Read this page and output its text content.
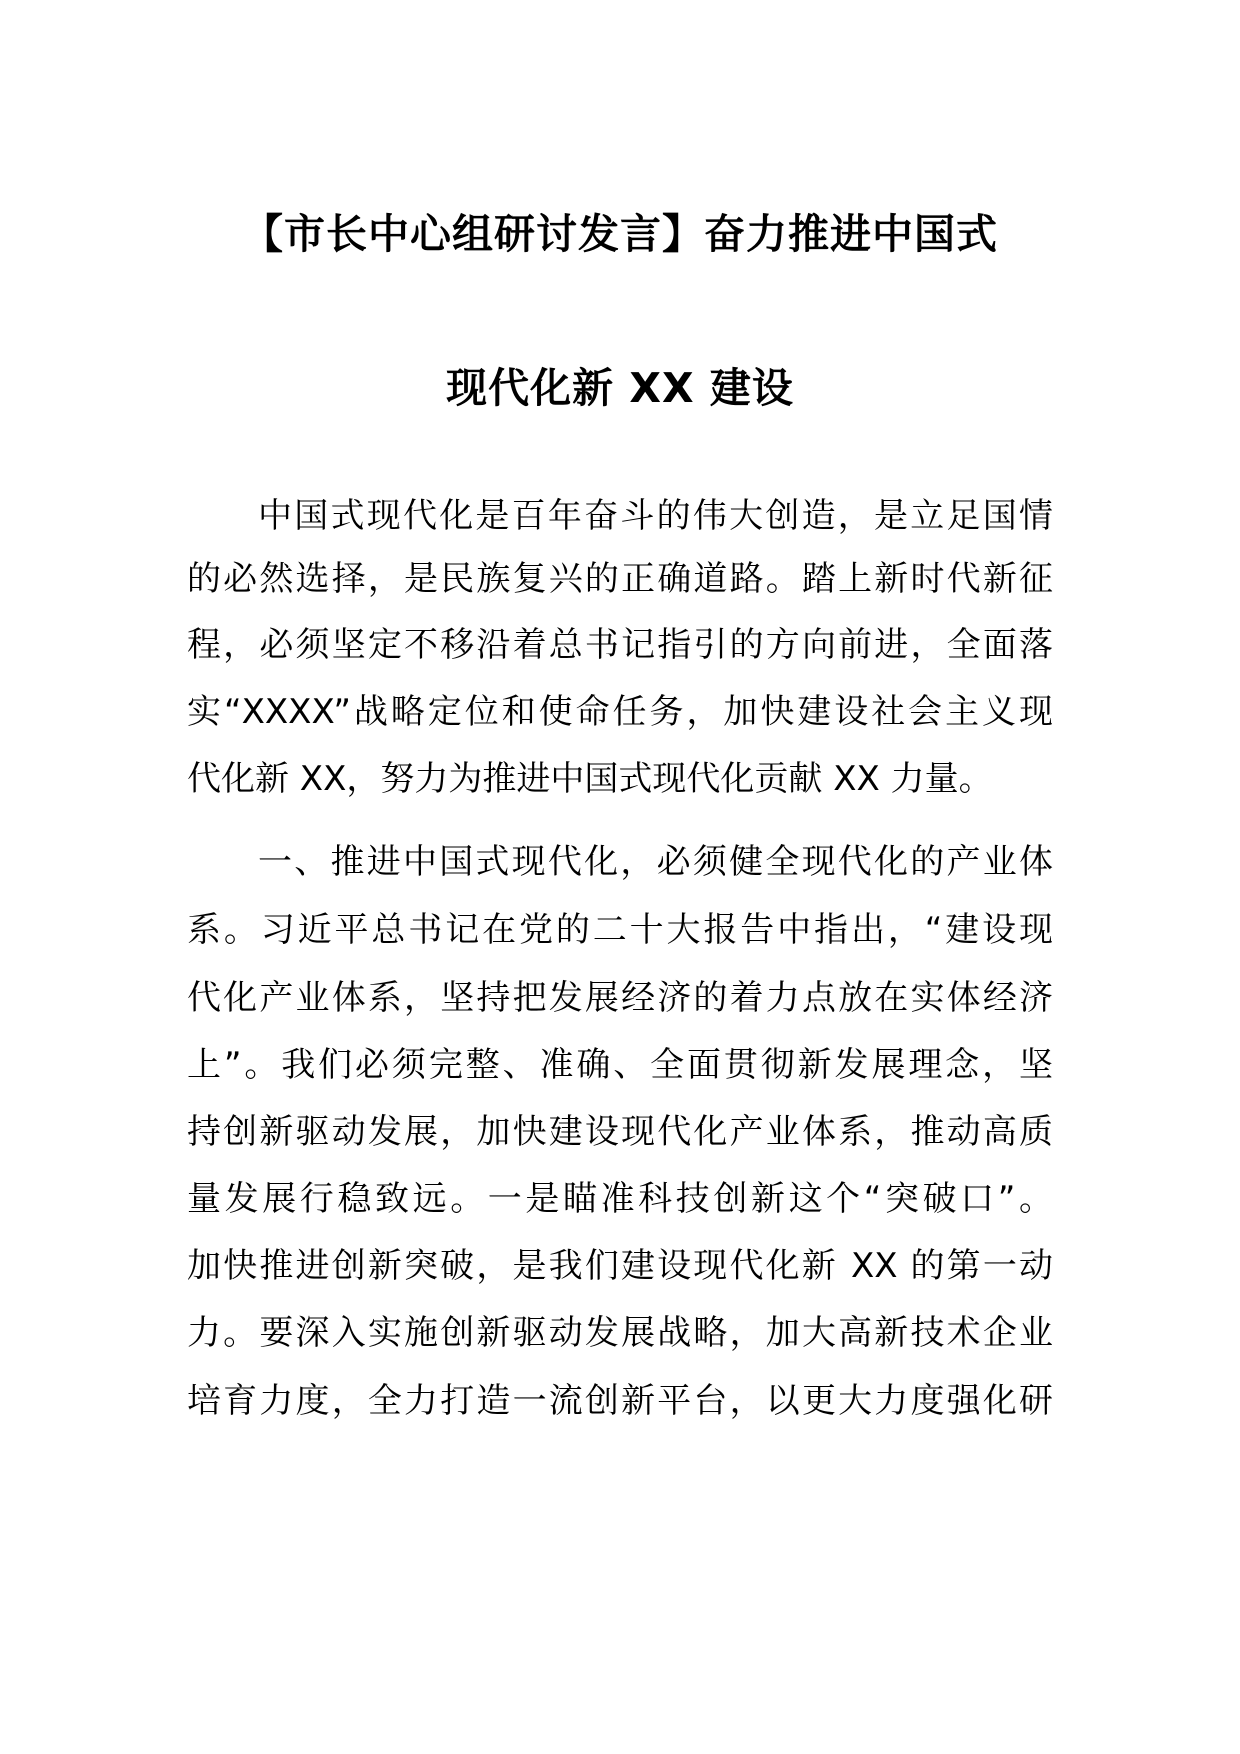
【市长中心组研讨发言】奋力推进中国式
现代化新 XX 建设
中国式现代化是百年奋斗的伟大创造，是立足国情
的必然选择，是民族复兴的正确道路。踏上新时代新征
程，必须坚定不移沿着总书记指引的方向前进，全面落
实“XXXX”战略定位和使命任务，加快建设社会主义现
代化新 XX，努力为推进中国式现代化贡献 XX 力量。
一、推进中国式现代化，必须健全现代化的产业体
系。习近平总书记在党的二十大报告中指出，“建设现
代化产业体系，坚持把发展经济的着力点放在实体经济
上”。我们必须完整、准确、全面贯彻新发展理念，坚
持创新驱动发展，加快建设现代化产业体系，推动高质
量发展行稳致远。一是瞄准科技创新这个“突破口”。
加快推进创新突破，是我们建设现代化新 XX 的第一动
力。要深入实施创新驱动发展战略，加大高新技术企业
培育力度，全力打造一流创新平台，以更大力度强化研
